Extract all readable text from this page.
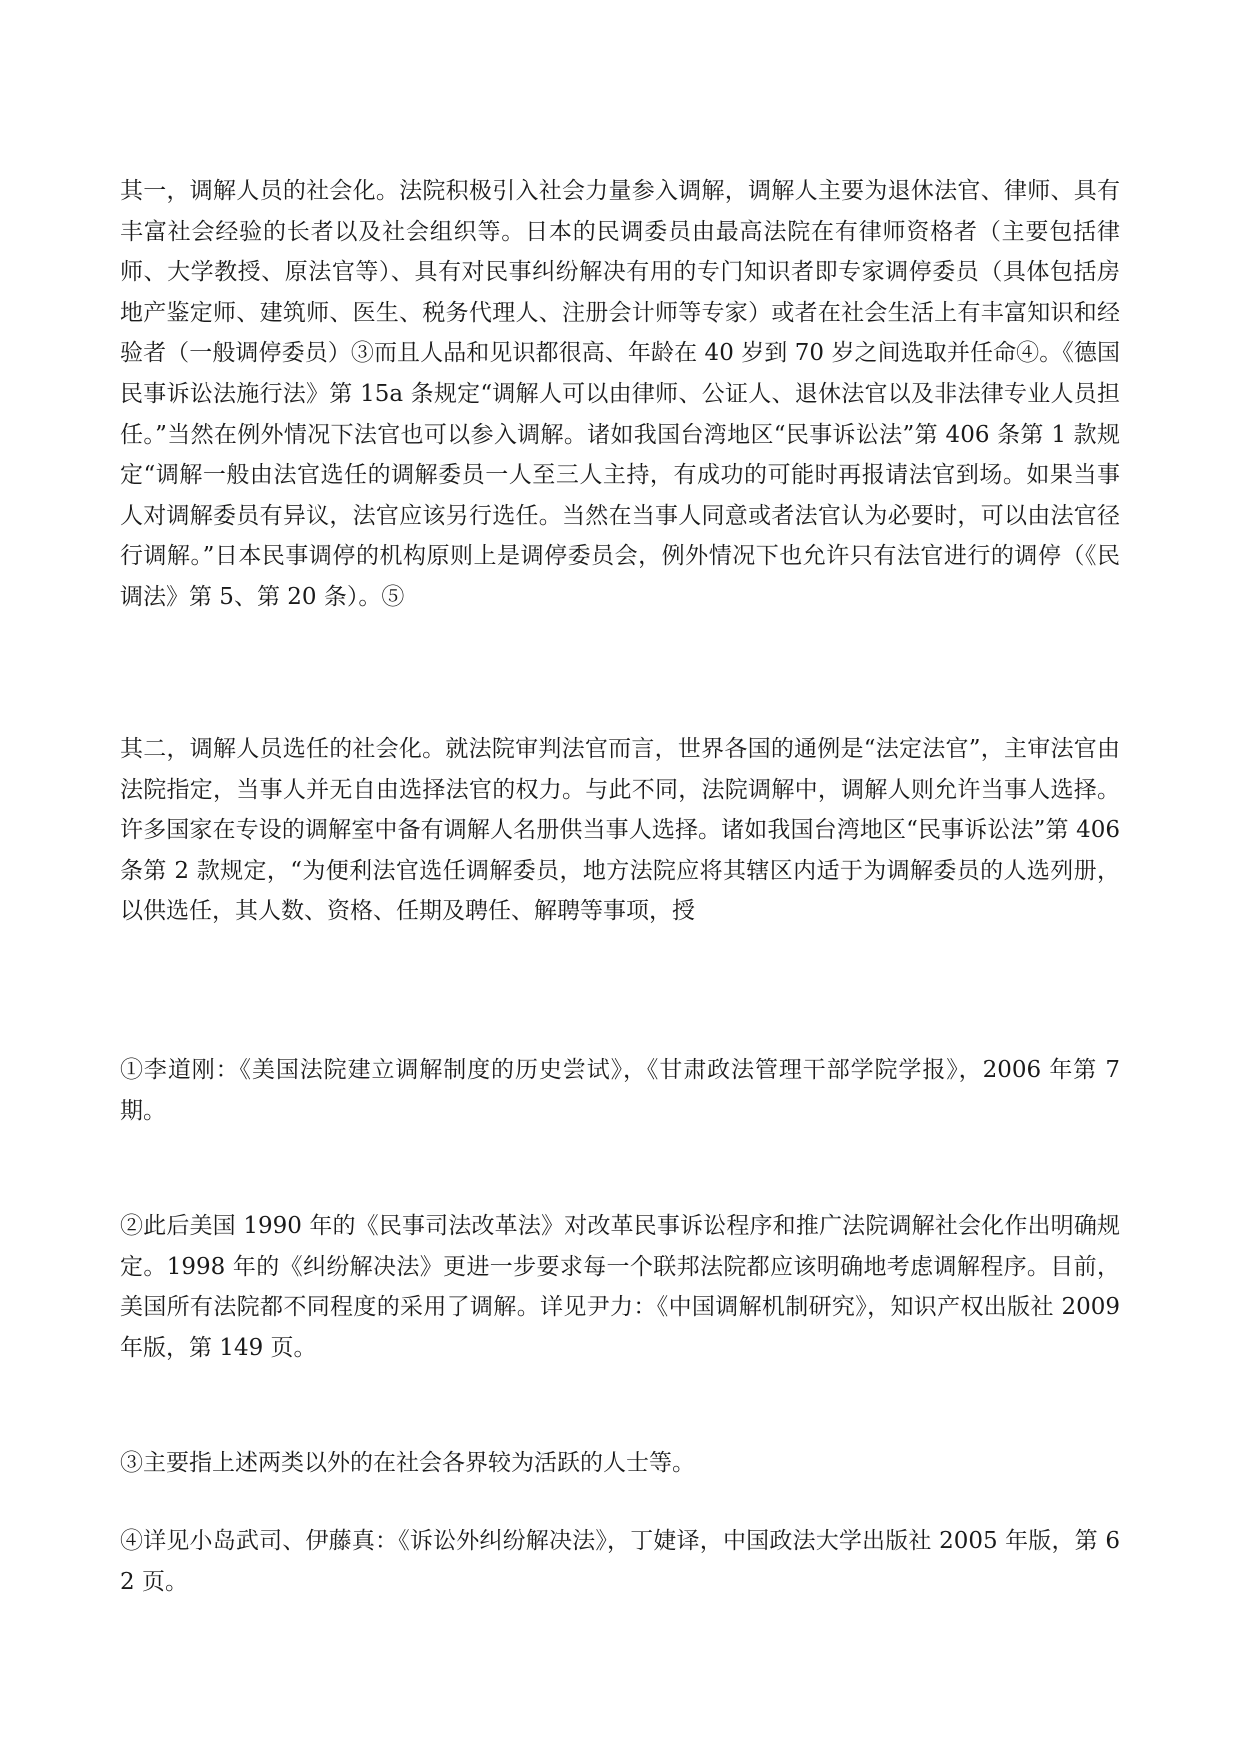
其一，调解人员的社会化。法院积极引入社会力量参入调解，调解人主要为退休法官、律师、具有丰富社会经验的长者以及社会组织等。日本的民调委员由最高法院在有律师资格者（主要包括律师、大学教授、原法官等）、具有对民事纠纷解决有用的专门知识者即专家调停委员（具体包括房地产鉴定师、建筑师、医生、税务代理人、注册会计师等专家）或者在社会生活上有丰富知识和经验者（一般调停委员）③而且人品和见识都很高、年龄在 40 岁到 70 岁之间选取并任命④。《德国民事诉讼法施行法》第 15a 条规定“调解人可以由律师、公证人、退休法官以及非法律专业人员担任。”当然在例外情况下法官也可以参入调解。诸如我国台湾地区“民事诉讼法”第 406 条第 1 款规定“调解一般由法官选任的调解委员一人至三人主持，有成功的可能时再报请法官到场。如果当事人对调解委员有异议，法官应该另行选任。当然在当事人同意或者法官认为必要时，可以由法官径行调解。”日本民事调停的机构原则上是调停委员会，例外情况下也允许只有法官进行的调停（《民调法》第 5、第 20 条）。⑤

其二，调解人员选任的社会化。就法院审判法官而言，世界各国的通例是“法定法官”，主审法官由法院指定，当事人并无自由选择法官的权力。与此不同，法院调解中，调解人则允许当事人选择。许多国家在专设的调解室中备有调解人名册供当事人选择。诸如我国台湾地区“民事诉讼法”第 406 条第 2 款规定，“为便利法官选任调解委员，地方法院应将其辖区内适于为调解委员的人选列册，以供选任，其人数、资格、任期及聘任、解聘等事项，授

①李道刚：《美国法院建立调解制度的历史尝试》，《甘肃政法管理干部学院学报》，2006 年第 7 期。

②此后美国 1990 年的《民事司法改革法》对改革民事诉讼程序和推广法院调解社会化作出明确规定。1998 年的《纠纷解决法》更进一步要求每一个联邦法院都应该明确地考虑调解程序。目前，美国所有法院都不同程度的采用了调解。详见尹力：《中国调解机制研究》，知识产权出版社 2009 年版，第 149 页。

③主要指上述两类以外的在社会各界较为活跃的人士等。

④详见小岛武司、伊藤真：《诉讼外纠纷解决法》，丁婕译，中国政法大学出版社 2005 年版，第 62 页。
